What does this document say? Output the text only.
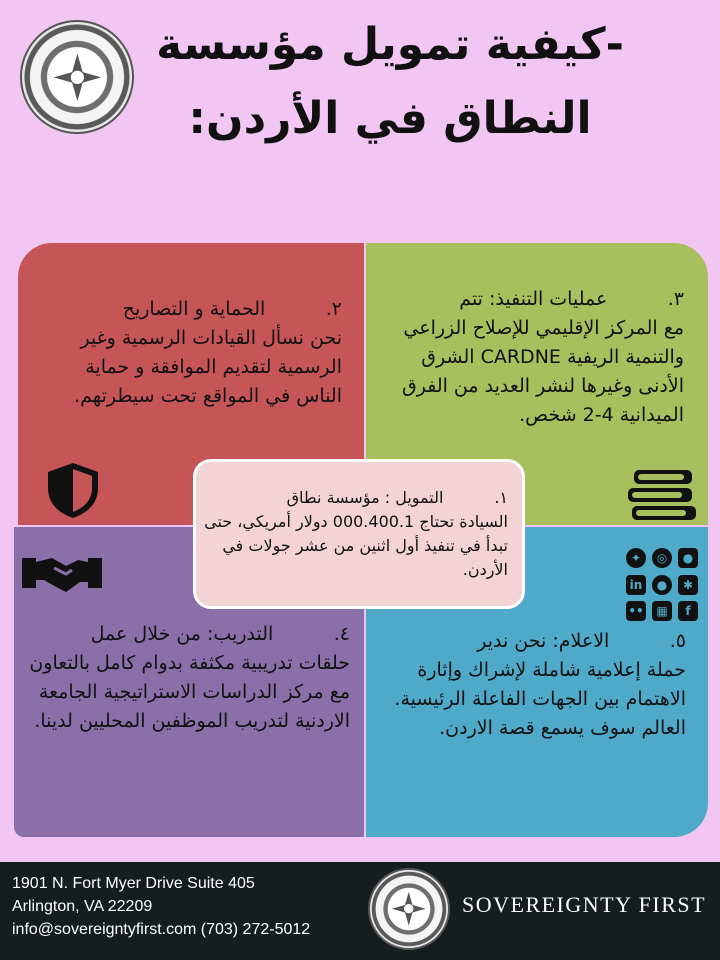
-كيفية تمويل مؤسسة
النطاق في الأردن:
٢.          الحماية و التصاريح
نحن نسأل القيادات الرسمية وغير الرسمية لتقديم الموافقة و حماية الناس في المواقع تحت سيطرتهم.
٣.          عمليات التنفيذ: تتم
مع المركز الإقليمي للإصلاح الزراعي والتنمية الريفية CARDNE الشرق الأدنى وغيرها لنشر العديد من الفرق الميدانية 4-2 شخص.
٤.          التدريب: من خلال عمل
حلقات تدريبية مكثفة بدوام كامل بالتعاون مع مركز الدراسات الاستراتيجية الجامعة الاردنية لتدريب الموظفين المحليين لدينا.
٥.          الاعلام: نحن ندير
حملة إعلامية شاملة لإشراك وإثارة الاهتمام بين الجهات الفاعلة الرئيسية. العالم سوف يسمع قصة الاردن.
✦	◎	●
in	●	✱
••	▦	f
١.          التمويل : مؤسسة نطاق
السيادة تحتاج 000.400.1 دولار أمريكي، حتى تبدأ في تنفيذ أول اثنين من عشر جولات في الأردن.
1901 N. Fort Myer Drive Suite 405
Arlington, VA 22209
info@sovereigntyfirst.com (703) 272-5012
SOVEREIGNTY FIRST
